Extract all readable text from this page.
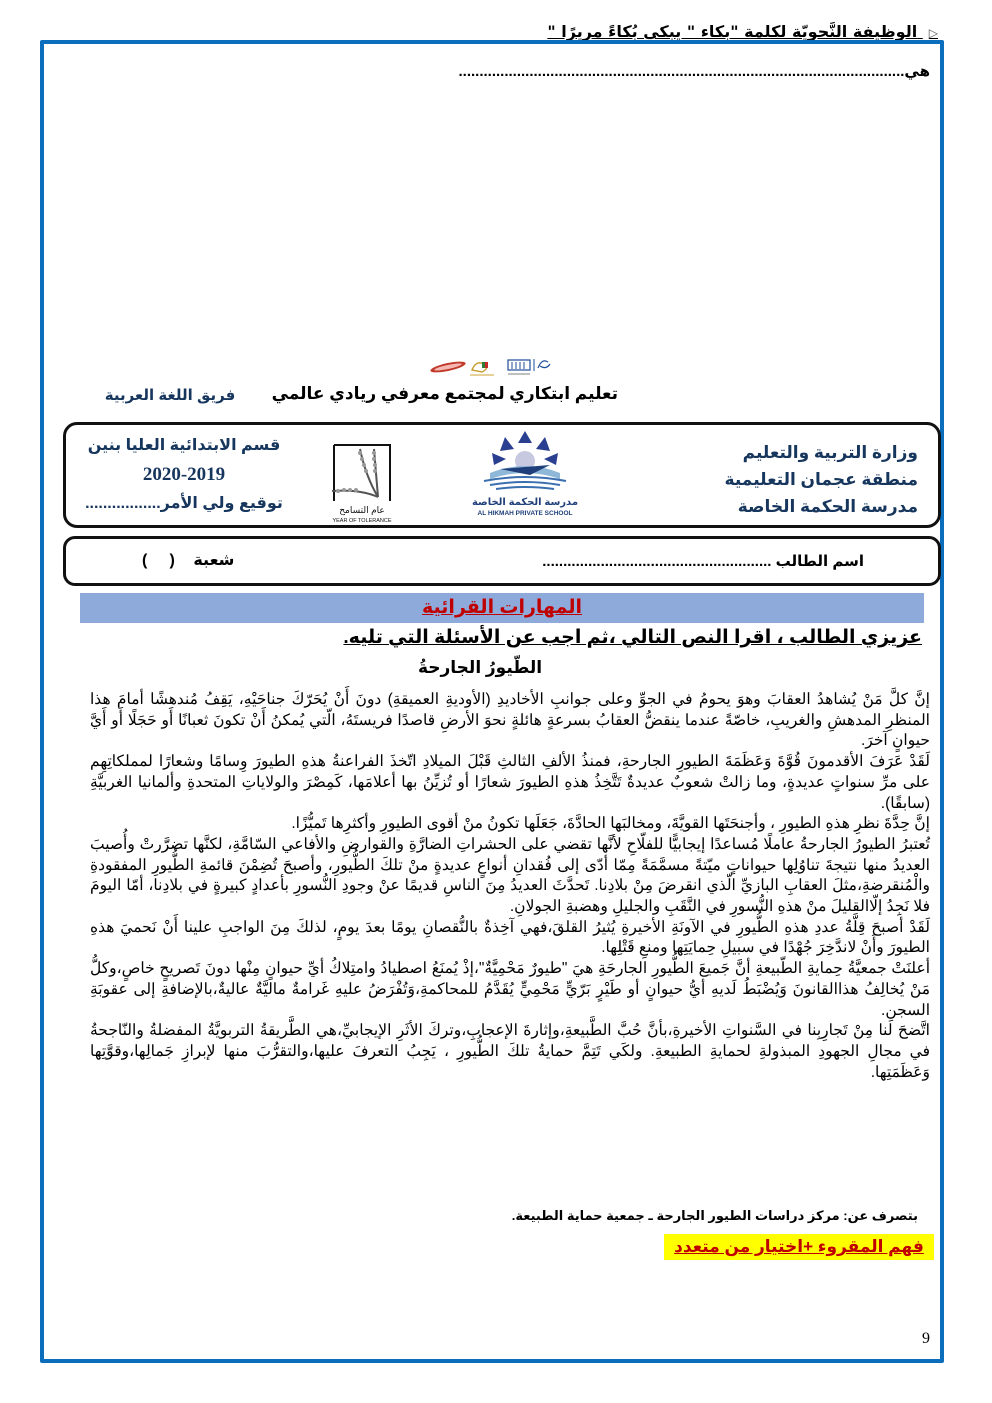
▷ الوظيفة النَّحويّة لكلمة "بكاء " يبكي بُكاءً مريرًا "
هي...........................................................................................................
تعليم ابتكاري لمجتمع معرفي ريادي عالمي
فريق اللغة العربية
وزارة التربية والتعليم
منطقة عجمان التعليمية
مدرسة الحكمة الخاصة
مدرسة الحكمة الخاصة
AL HIKMAH PRIVATE SCHOOL
عام التسامح
YEAR OF TOLERANCE
قسم الابتدائية العليا بنين
2020-2019
توقيع ولي الأمر.................
اسم الطالب .......................................................
شعبة (     )
المهارات القرائية
عزيزي الطالب ، اقرا النص التالي ،ثم اجب عن الأسئلة التي تليه.
الطّيورُ الجارحةُ

إنَّ كلَّ مَنْ يُشاهدُ العقابَ وهوَ يحومُ في الجوِّ وعلى جوانبِ الأخاديدِ (الأوديةِ العميقةِ) دونَ أَنْ يُحَرّكَ جناحَيْهِ، يَقِفُ مُندهشًا أمامَ هذا المنظرِ المدهشِ والغريبِ، خاصّةً عندما ينقضُّ العقابُ بسرعةٍ هائلةٍ نحوَ الأرضِ قاصدًا فريستَهُ، الّتي يُمكنُ أَنْ تكونَ ثعبانًا أَو حَجَلًا أَو أَيَّ حيوانٍ آخرَ.

لَقَدْ عَرَفَ الأقدمونَ قُوَّةَ وَعَظَمَةَ الطيورِ الجارحةِ، فمنذُ الألفِ الثالثِ قَبْلَ الميلادِ اتّخذَ الفراعنةُ هذهِ الطيورَ وِسامًا وشعارًا لمملكاتِهِم على مرِّ سنواتٍ عديدةٍ، وما زالتْ شعوبٌ عديدةٌ تَتَّخِذُ هذهِ الطيورَ شعارًا أو تُزيِّنُ بها أعلامَها، كَمِصْرَ والولاياتِ المتحدةِ وألمانيا الغربيَّةِ (سابقًا).

إنَّ حِدَّةَ نظرِ هذهِ الطيورِ ، وأجنحَتَها القويَّةَ، ومخالبَها الحادَّةَ، جَعَلَها تكونُ منْ أقوى الطيورِ وأكثرِها تَميُّزًا.

تُعتبرُ الطيورُ الجارحةُ عاملًا مُساعدًا إيجابيًّا للفلّاحِ لأنَّها تقضي على الحشراتِ الضارَّةِ والقوارضِ والأفاعي السّامَّةِ، لكنَّها تضرَّرتْ وأُصيبَ العديدُ منها نتيجةَ تناوُلِها حيواناتٍ ميّتةً مسمَّمَةً مِمّا أدّى إلى فُقدانِ أنواعٍ عديدةٍ منْ تلكَ الطُّيورِ، وأصبحَ تُضِمْنَ قائمةِ الطُّيورِ المفقودةِ والْمُنقرضةِ،مثلَ العقابِ البازيِّ الّذي انقرضَ مِنْ بلادِنا. تَحدَّثَ العديدُ مِنَ الناسِ قديمًا عنْ وجودِ النُّسورِ بأعدادٍ كبيرةٍ في بلادِنا، أمّا اليومَ فلا نَجِدُ إلّاالقليلَ منْ هذهِ النُّسورِ في النَّقَبِ والجليلِ وهضبةِ الجولانِ.

لَقَدْ أصبحَ قِلَّةُ عددِ هذهِ الطُّيورِ في الآونَةِ الأخيرةِ يُثيرُ القلقَ،فهي آخِذةٌ بالنُّقصانِ يومًا بعدَ يومٍ، لذلكَ مِنَ الواجبِ علينا أَنْ نَحميَ هذهِ الطيورَ وأَنْ لاندَّخِرَ جُهْدًا في سبيلِ حِمايَتِها ومنعِ قَتْلِها.

أعلنَتْ جمعيَّةُ حِمايةِ الطّبيعةِ أنَّ جَميعَ الطُّيورِ الجارحَةِ هيَ "طيورٌ مَحْمِيَّةٌ"،إذْ يُمنَعُ اصطيادُ وامتِلاكُ أيِّ حيوانٍ مِنْها دونَ تَصريحٍ خاصٍ،وكلُّ مَنْ يُخالِفُ هذاالقانونَ وَيُضْبَطُ لَديهِ أيُّ حيوانٍ أو طَيْرٍ بَرّيٍّ مَحْمِيٍّ يُقَدَّمُ للمحاكمةِ،وَتُفْرَضُ عليهِ غَرامةٌ ماليَّةٌ عاليةٌ،بالإضافةِ إلى عقوبَةِ السجنِ.

اتَّضحَ لنا مِنْ تَجارِبِنا في السَّنواتِ الأخيرةِ،بأنَّ حُبَّ الطَّبيعةِ،وإثارةَ الإعجابِ،وتركَ الأثَرِ الإيجابيِّ،هي الطَّريقةُ التربويَّةُ المفضلةُ والنّاجحةُ في مجالِ الجهودِ المبذولةِ لحمايةِ الطبيعةِ. ولكَي تَتِمَّ حمايةُ تلكَ الطُّيورِ ، يَجِبُ التعرفَ عليها،والتقرُّبَ منها لإبرازِ جَمالِها،وقوَّتِها وَعَظَمَتِها.

بتصرف عن: مركز دراسات الطيور الجارحة ـ جمعية حماية الطبيعة.
فهم المقروء +اختيار من متعدد
9
